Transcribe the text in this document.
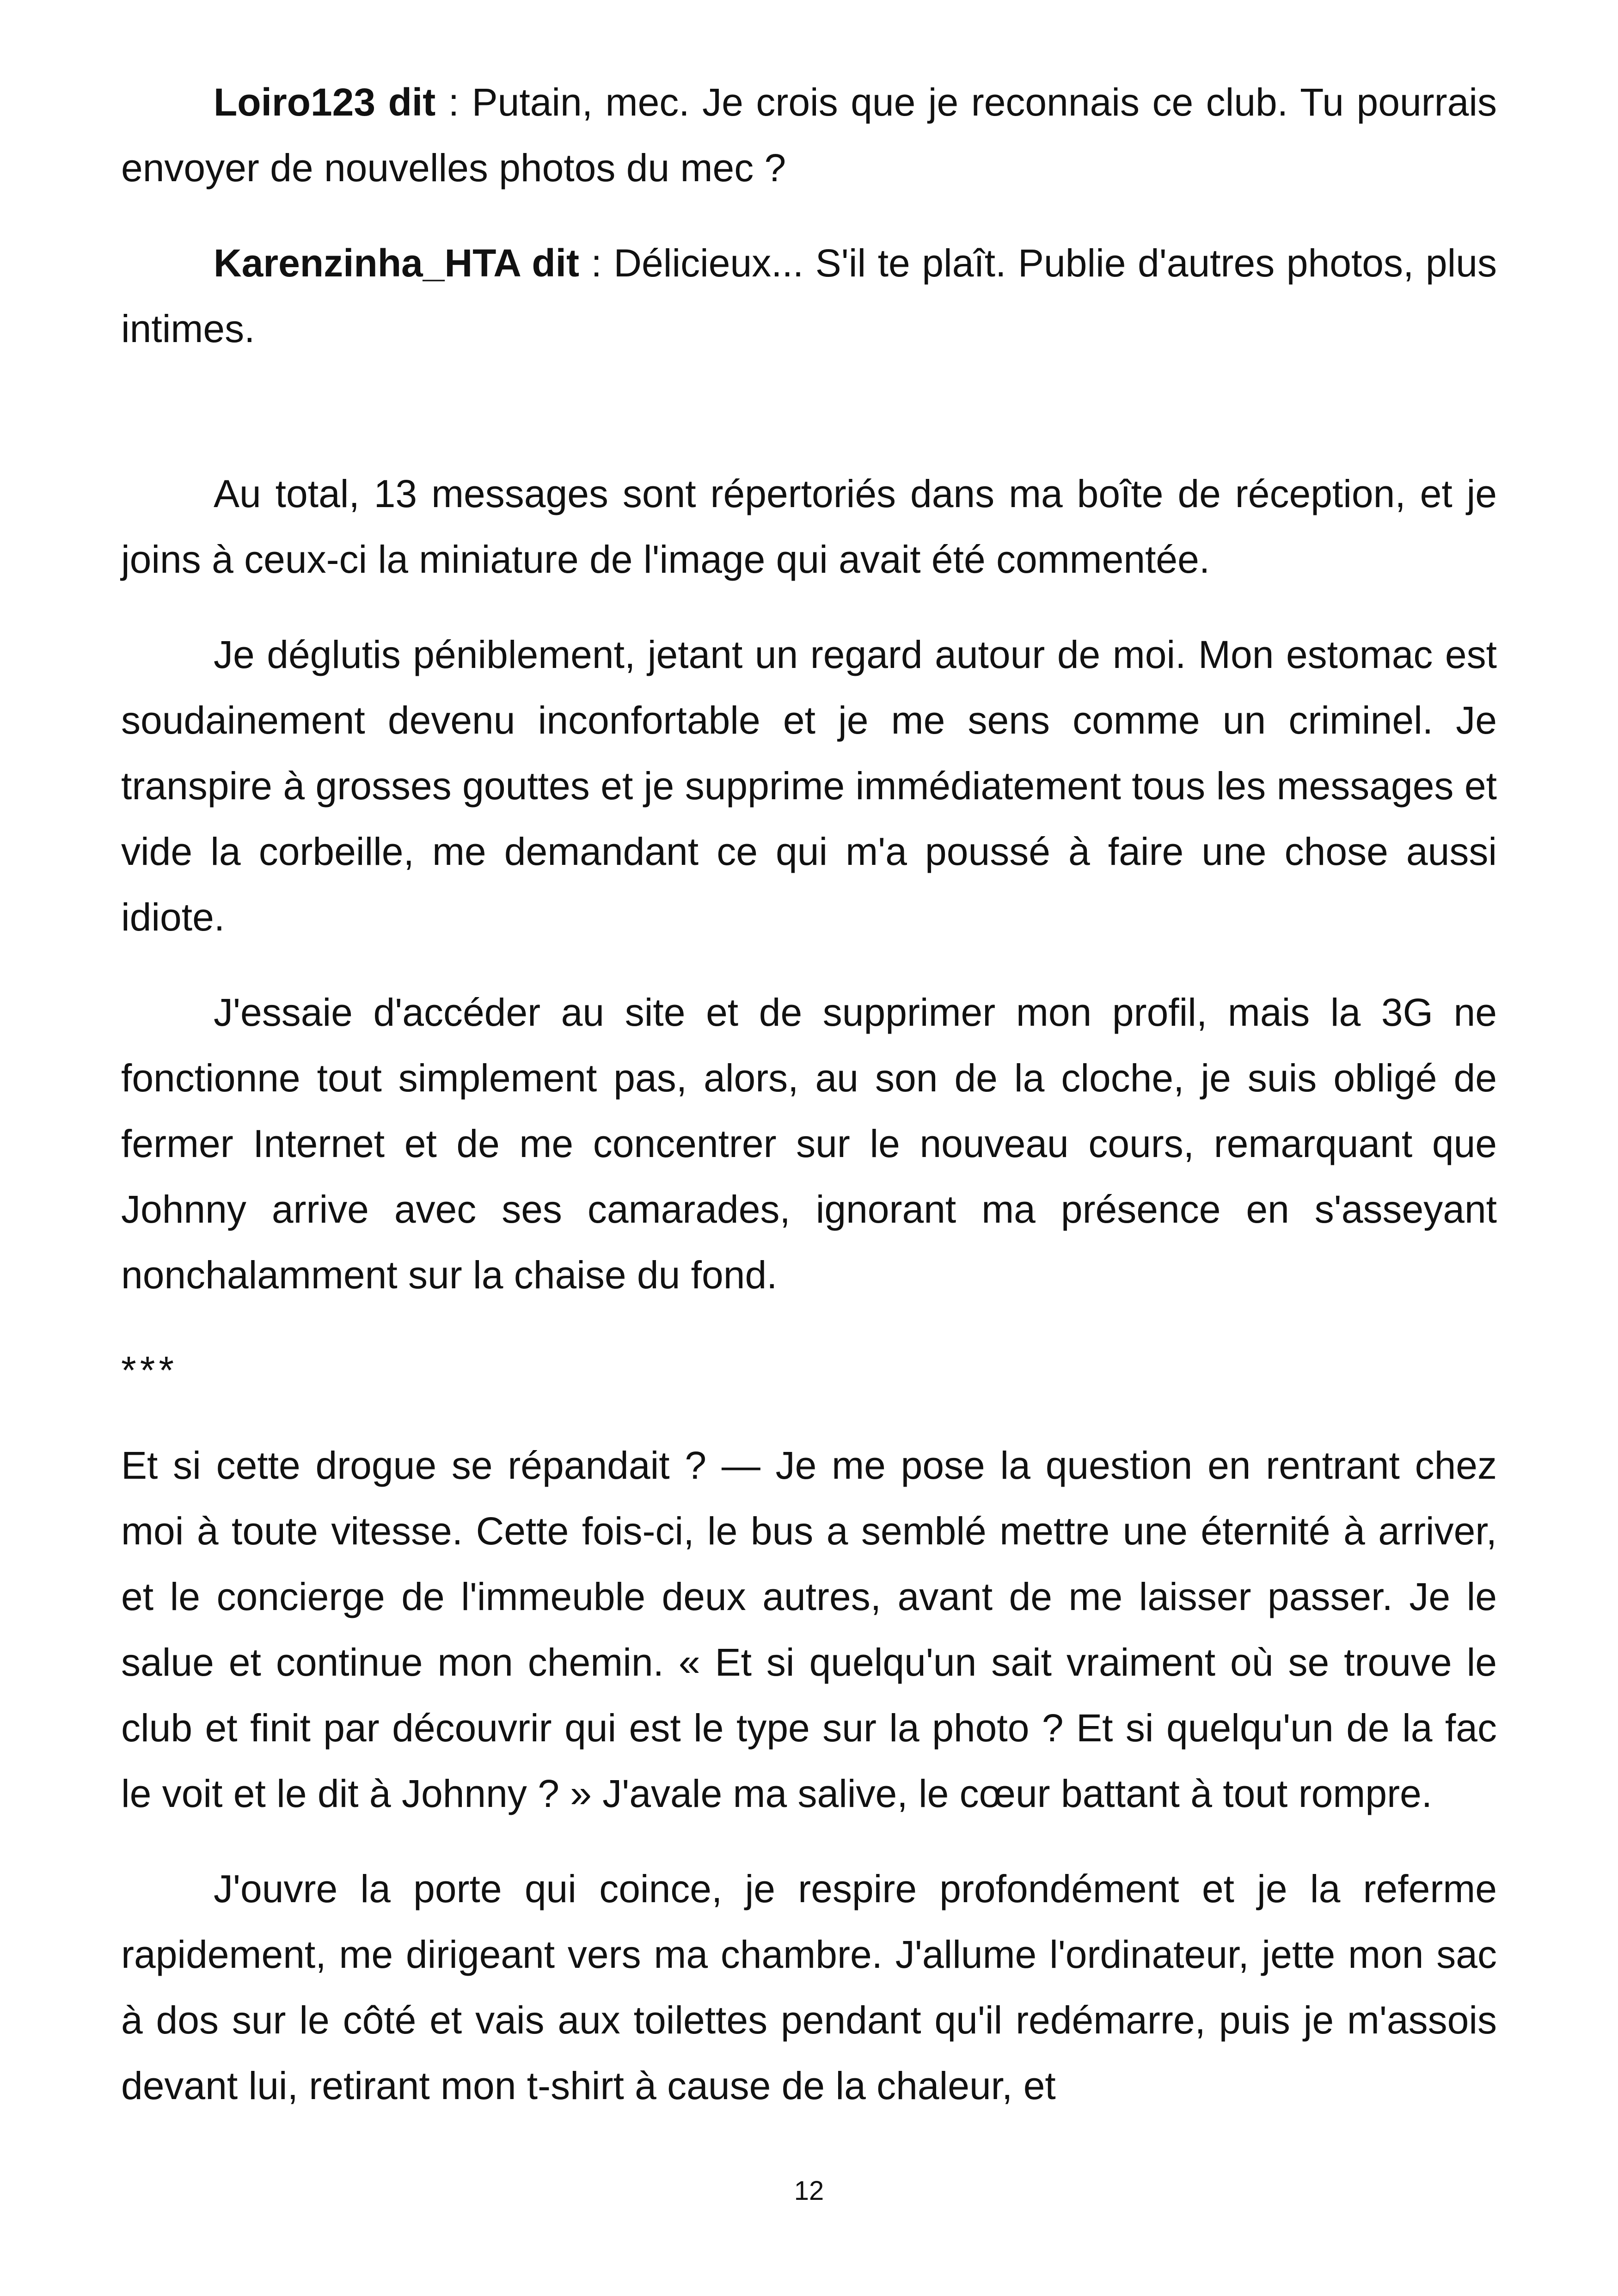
Loiro123 dit : Putain, mec. Je crois que je reconnais ce club. Tu pourrais envoyer de nouvelles photos du mec ?

Karenzinha_HTA dit : Délicieux... S'il te plaît. Publie d'autres photos, plus intimes.

Au total, 13 messages sont répertoriés dans ma boîte de réception, et je joins à ceux-ci la miniature de l'image qui avait été commentée.

Je déglutis péniblement, jetant un regard autour de moi. Mon estomac est soudainement devenu inconfortable et je me sens comme un criminel. Je transpire à grosses gouttes et je supprime immédiatement tous les messages et vide la corbeille, me demandant ce qui m'a poussé à faire une chose aussi idiote.

J'essaie d'accéder au site et de supprimer mon profil, mais la 3G ne fonctionne tout simplement pas, alors, au son de la cloche, je suis obligé de fermer Internet et de me concentrer sur le nouveau cours, remarquant que Johnny arrive avec ses camarades, ignorant ma présence en s'asseyant nonchalamment sur la chaise du fond.

***

Et si cette drogue se répandait ? — Je me pose la question en rentrant chez moi à toute vitesse. Cette fois-ci, le bus a semblé mettre une éternité à arriver, et le concierge de l'immeuble deux autres, avant de me laisser passer. Je le salue et continue mon chemin. « Et si quelqu'un sait vraiment où se trouve le club et finit par découvrir qui est le type sur la photo ? Et si quelqu'un de la fac le voit et le dit à Johnny ? » J'avale ma salive, le cœur battant à tout rompre.

J'ouvre la porte qui coince, je respire profondément et je la referme rapidement, me dirigeant vers ma chambre. J'allume l'ordinateur, jette mon sac à dos sur le côté et vais aux toilettes pendant qu'il redémarre, puis je m'assois devant lui, retirant mon t-shirt à cause de la chaleur, et

12
